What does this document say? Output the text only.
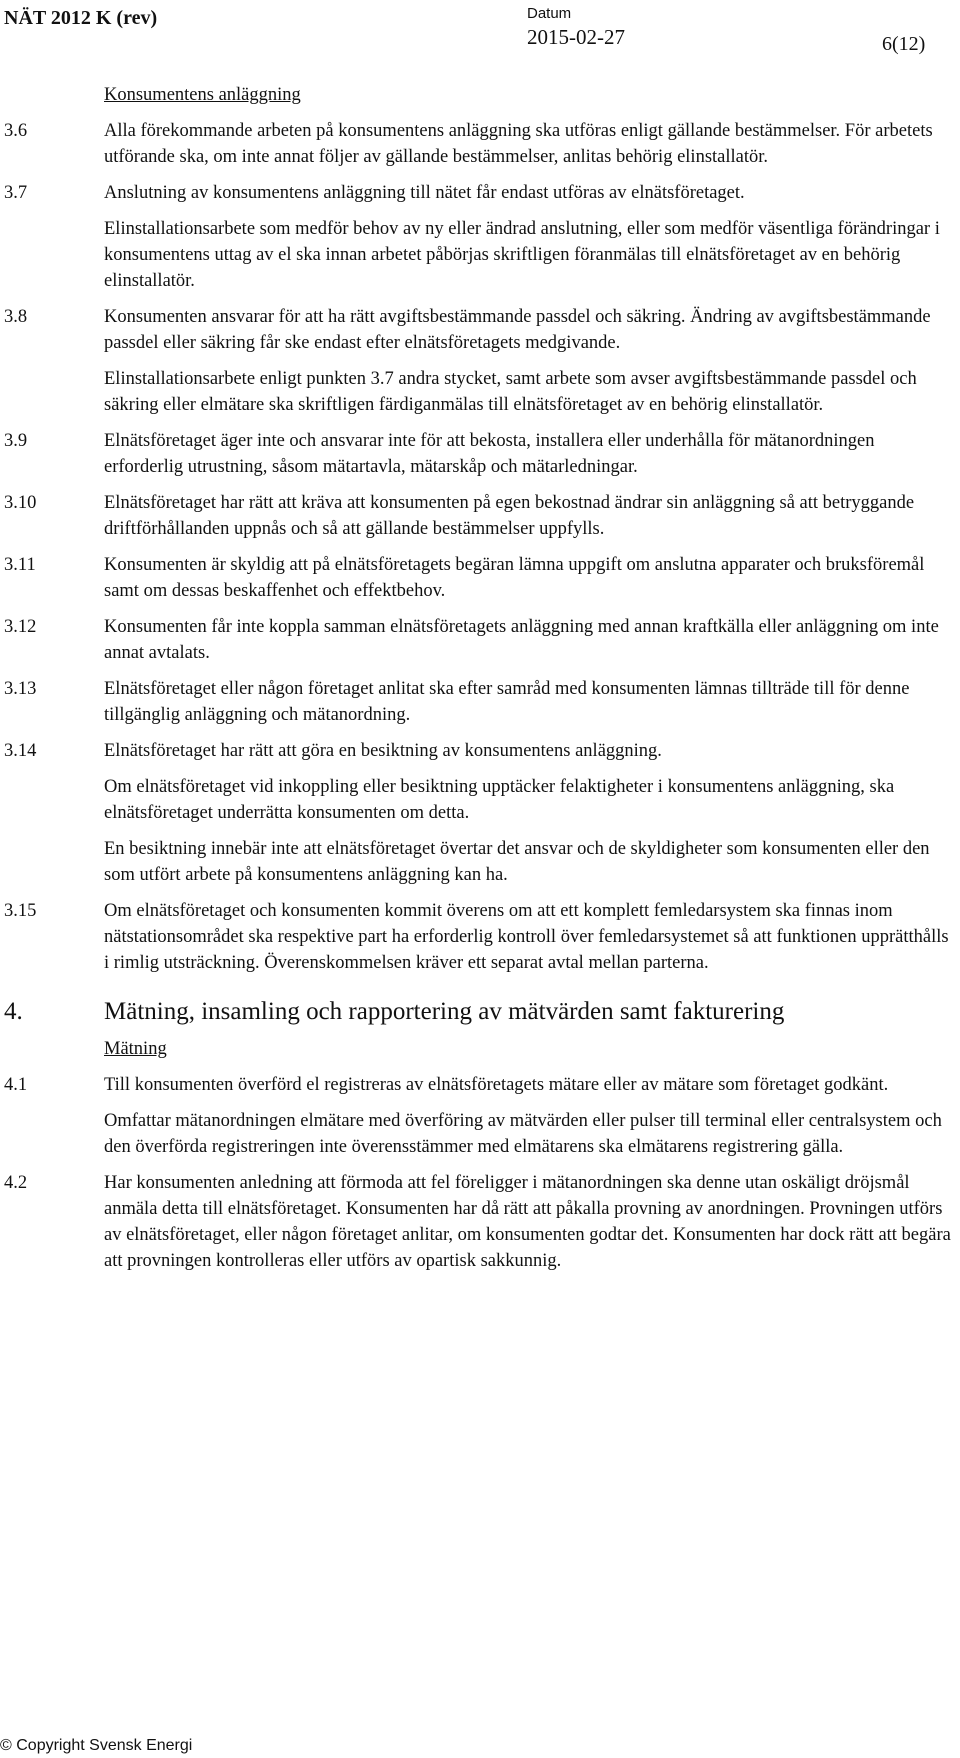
NÄT 2012 K (rev)	Datum
2015-02-27	6(12)
Konsumentens anläggning
3.6	Alla förekommande arbeten på konsumentens anläggning ska utföras enligt gällande bestämmelser. För arbetets utförande ska, om inte annat följer av gällande bestämmelser, anlitas behörig elinstallatör.
3.7	Anslutning av konsumentens anläggning till nätet får endast utföras av elnätsföretaget.
Elinstallationsarbete som medför behov av ny eller ändrad anslutning, eller som medför väsentliga förändringar i konsumentens uttag av el ska innan arbetet påbörjas skriftligen föranmälas till elnätsföretaget av en behörig elinstallatör.
3.8	Konsumenten ansvarar för att ha rätt avgiftsbestämmande passdel och säkring. Ändring av avgiftsbestämmande passdel eller säkring får ske endast efter elnätsföretagets medgivande.
Elinstallationsarbete enligt punkten 3.7 andra stycket, samt arbete som avser avgiftsbestämmande passdel och säkring eller elmätare ska skriftligen färdiganmälas till elnätsföretaget av en behörig elinstallatör.
3.9	Elnätsföretaget äger inte och ansvarar inte för att bekosta, installera eller underhålla för mätanordningen erforderlig utrustning, såsom mätartavla, mätarskåp och mätarledningar.
3.10	Elnätsföretaget har rätt att kräva att konsumenten på egen bekostnad ändrar sin anläggning så att betryggande driftförhållanden uppnås och så att gällande bestämmelser uppfylls.
3.11	Konsumenten är skyldig att på elnätsföretagets begäran lämna uppgift om anslutna apparater och bruksföremål samt om dessas beskaffenhet och effektbehov.
3.12	Konsumenten får inte koppla samman elnätsföretagets anläggning med annan kraftkälla eller anläggning om inte annat avtalats.
3.13	Elnätsföretaget eller någon företaget anlitat ska efter samråd med konsumenten lämnas tillträde till för denne tillgänglig anläggning och mätanordning.
3.14	Elnätsföretaget har rätt att göra en besiktning av konsumentens anläggning.
Om elnätsföretaget vid inkoppling eller besiktning upptäcker felaktigheter i konsumentens anläggning, ska elnätsföretaget underrätta konsumenten om detta.
En besiktning innebär inte att elnätsföretaget övertar det ansvar och de skyldigheter som konsumenten eller den som utfört arbete på konsumentens anläggning kan ha.
3.15	Om elnätsföretaget och konsumenten kommit överens om att ett komplett femledarsystem ska finnas inom nätstationsområdet ska respektive part ha erforderlig kontroll över femledarsystemet så att funktionen upprätthålls i rimlig utsträckning. Överenskommelsen kräver ett separat avtal mellan parterna.
4.	Mätning, insamling och rapportering av mätvärden samt fakturering
Mätning
4.1	Till konsumenten överförd el registreras av elnätsföretagets mätare eller av mätare som företaget godkänt.
Omfattar mätanordningen elmätare med överföring av mätvärden eller pulser till terminal eller centralsystem och den överförda registreringen inte överensstämmer med elmätarens ska elmätarens registrering gälla.
4.2	Har konsumenten anledning att förmoda att fel föreligger i mätanordningen ska denne utan oskäligt dröjsmål anmäla detta till elnätsföretaget. Konsumenten har då rätt att påkalla provning av anordningen. Provningen utförs av elnätsföretaget, eller någon företaget anlitar, om konsumenten godtar det. Konsumenten har dock rätt att begära att provningen kontrolleras eller utförs av opartisk sakkunnig.
© Copyright Svensk Energi
